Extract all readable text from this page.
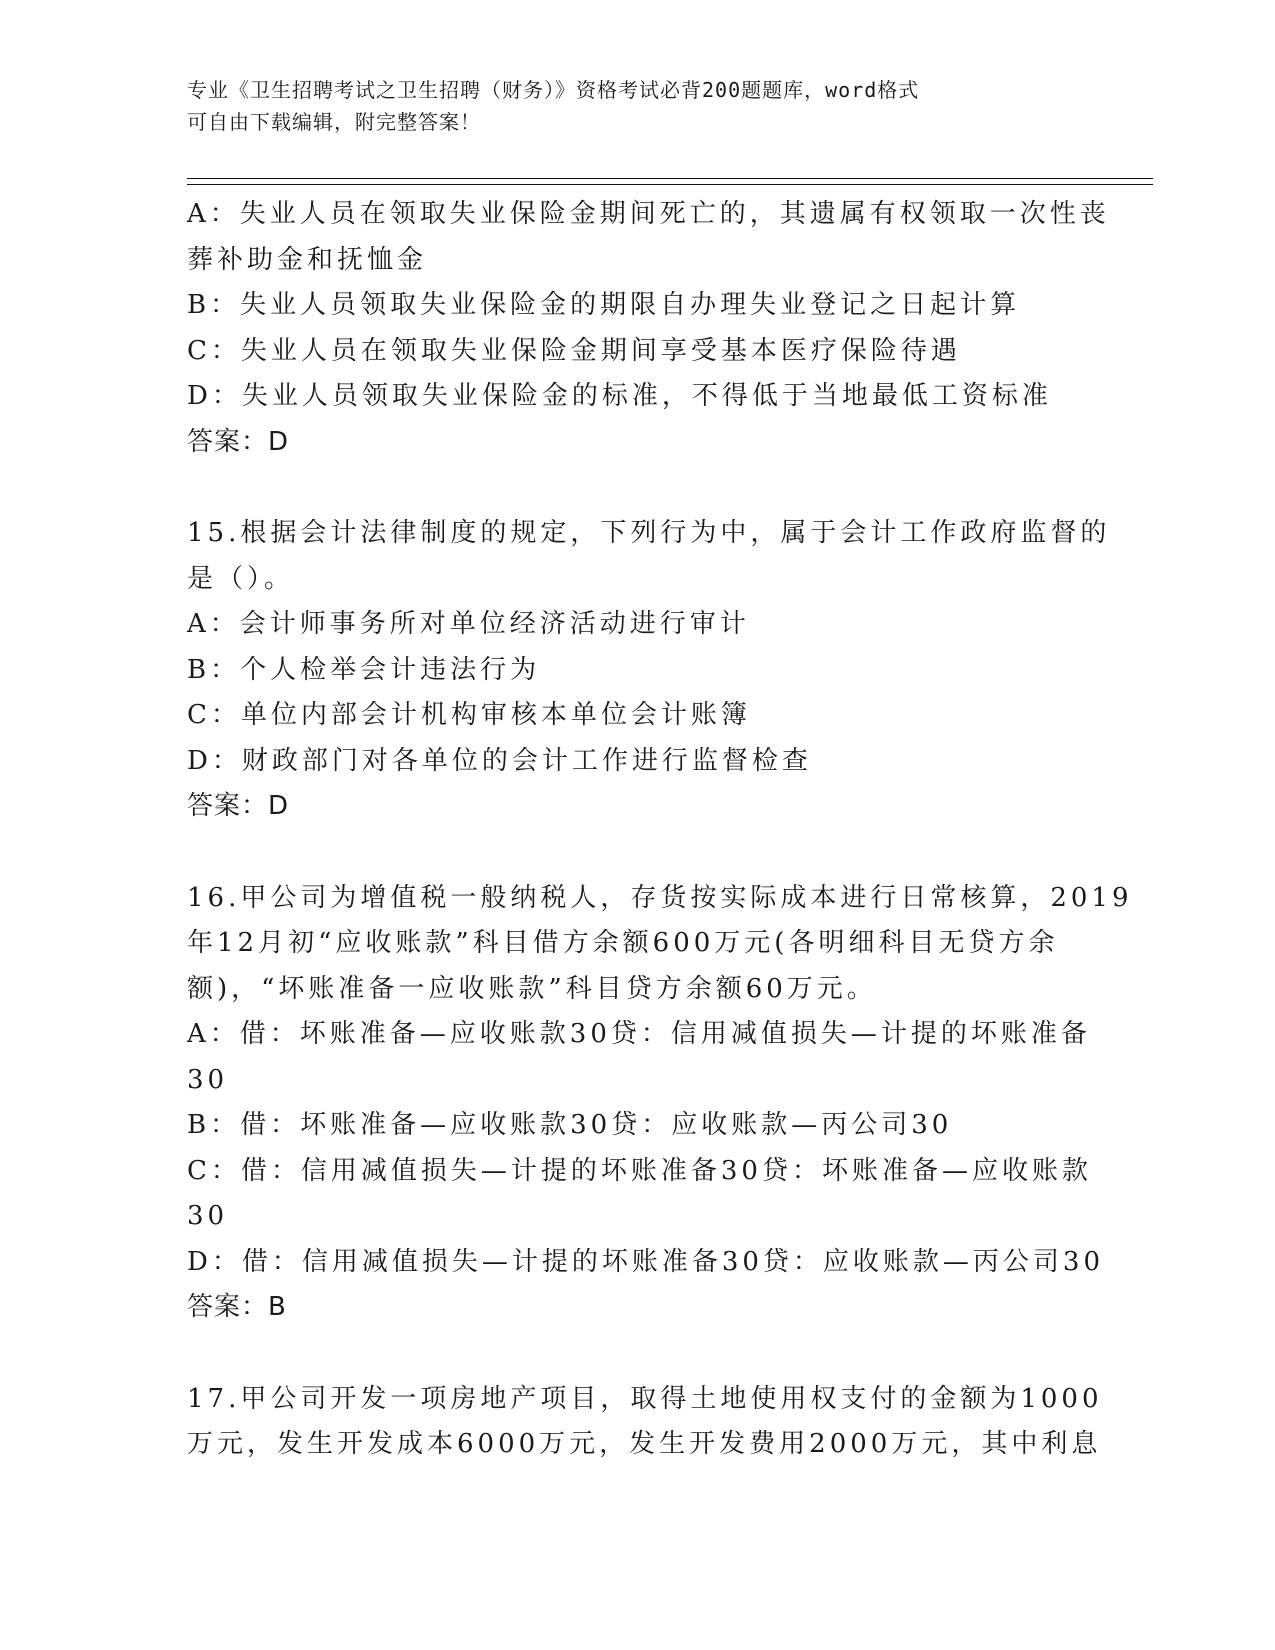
专业《卫生招聘考试之卫生招聘（财务）》资格考试必背200题题库，word格式
可自由下载编辑，附完整答案！
A：失业人员在领取失业保险金期间死亡的，其遗属有权领取一次性丧
葬补助金和抚恤金
B：失业人员领取失业保险金的期限自办理失业登记之日起计算
C：失业人员在领取失业保险金期间享受基本医疗保险待遇
D：失业人员领取失业保险金的标准，不得低于当地最低工资标准
答案：D
15.根据会计法律制度的规定，下列行为中，属于会计工作政府监督的
是（）。
A：会计师事务所对单位经济活动进行审计
B：个人检举会计违法行为
C：单位内部会计机构审核本单位会计账簿
D：财政部门对各单位的会计工作进行监督检查
答案：D
16.甲公司为增值税一般纳税人，存货按实际成本进行日常核算，2019
年12月初“应收账款”科目借方余额600万元(各明细科目无贷方余
额)，“坏账准备一应收账款”科目贷方余额60万元。
A：借：坏账准备—应收账款30贷：信用减值损失—计提的坏账准备
30
B：借：坏账准备—应收账款30贷：应收账款—丙公司30
C：借：信用减值损失—计提的坏账准备30贷：坏账准备—应收账款
30
D：借：信用减值损失—计提的坏账准备30贷：应收账款—丙公司30
答案：B
17.甲公司开发一项房地产项目，取得土地使用权支付的金额为1000
万元，发生开发成本6000万元，发生开发费用2000万元，其中利息
